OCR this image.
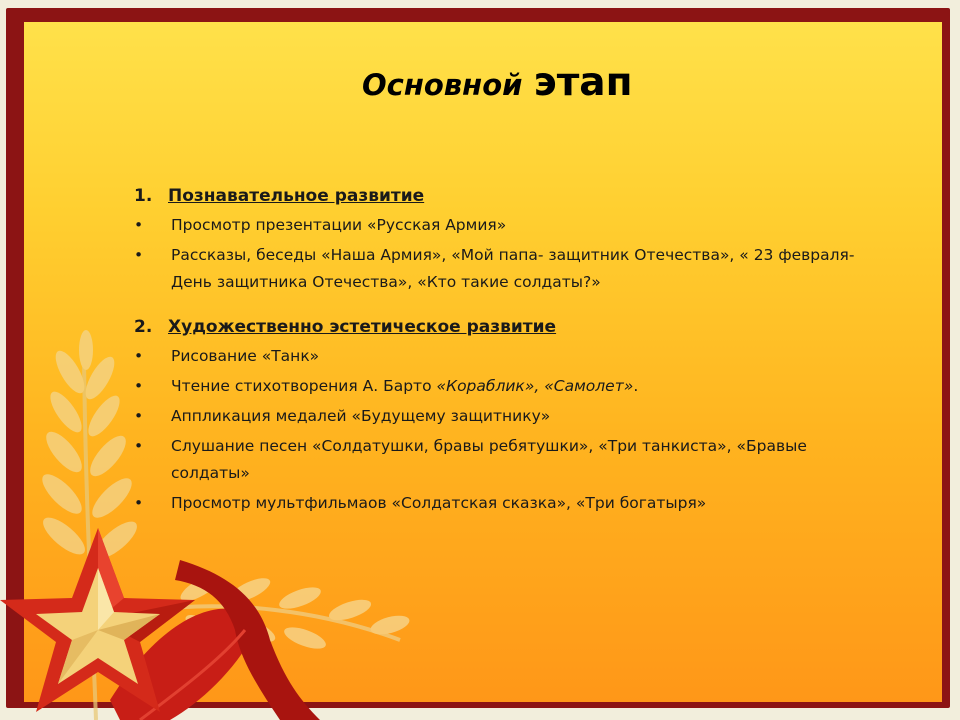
Основной этап
1. Познавательное развитие
• Просмотр презентации «Русская Армия»
• Рассказы, беседы «Наша Армия», «Мой папа- защитник Отечества», « 23 февраля- День защитника Отечества», «Кто такие солдаты?»
2. Художественно эстетическое развитие
• Рисование «Танк»
• Чтение стихотворения А. Барто «Кораблик», «Самолет».
• Аппликация медалей «Будущему защитнику»
• Слушание песен «Солдатушки, бравы ребятушки», «Три танкиста», «Бравые солдаты»
• Просмотр мультфильмаов «Солдатская сказка», «Три богатыря»
